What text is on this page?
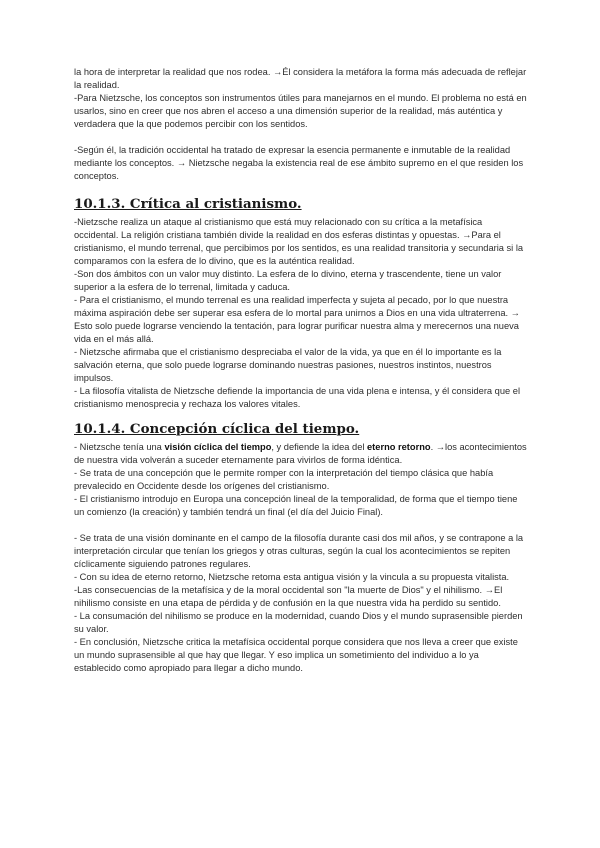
la hora de interpretar la realidad que nos rodea. →Él considera la metáfora la forma más adecuada de reflejar la realidad.

-Para Nietzsche, los conceptos son instrumentos útiles para manejarnos en el mundo. El problema no está en usarlos, sino en creer que nos abren el acceso a una dimensión superior de la realidad, más auténtica y verdadera que la que podemos percibir con los sentidos.

-Según él, la tradición occidental ha tratado de expresar la esencia permanente e inmutable de la realidad mediante los conceptos. → Nietzsche negaba la existencia real de ese ámbito supremo en el que residen los conceptos.

10.1.3. Crítica al cristianismo.

-Nietzsche realiza un ataque al cristianismo que está muy relacionado con su crítica a la metafísica occidental. La religión cristiana también divide la realidad en dos esferas distintas y opuestas. →Para el cristianismo, el mundo terrenal, que percibimos por los sentidos, es una realidad transitoria y secundaria si la comparamos con la esfera de lo divino, que es la auténtica realidad.

-Son dos ámbitos con un valor muy distinto. La esfera de lo divino, eterna y trascendente, tiene un valor superior a la esfera de lo terrenal, limitada y caduca.

- Para el cristianismo, el mundo terrenal es una realidad imperfecta y sujeta al pecado, por lo que nuestra máxima aspiración debe ser superar esa esfera de lo mortal para unirnos a Dios en una vida ultraterrena. →

Esto solo puede lograrse venciendo la tentación, para lograr purificar nuestra alma y merecernos una nueva vida en el más allá.

- Nietzsche afirmaba que el cristianismo despreciaba el valor de la vida, ya que en él lo importante es la salvación eterna, que solo puede lograrse dominando nuestras pasiones, nuestros instintos, nuestros impulsos.

- La filosofía vitalista de Nietzsche defiende la importancia de una vida plena e intensa, y él considera que el cristianismo menosprecia y rechaza los valores vitales.

10.1.4. Concepción cíclica del tiempo.

- Nietzsche tenía una visión cíclica del tiempo, y defiende la idea del eterno retorno. →los acontecimientos de nuestra vida volverán a suceder eternamente para vivirlos de forma idéntica.

- Se trata de una concepción que le permite romper con la interpretación del tiempo clásica que había prevalecido en Occidente desde los orígenes del cristianismo.

- El cristianismo introdujo en Europa una concepción lineal de la temporalidad, de forma que el tiempo tiene un comienzo (la creación) y también tendrá un final (el día del Juicio Final).

- Se trata de una visión dominante en el campo de la filosofía durante casi dos mil años, y se contrapone a la interpretación circular que tenían los griegos y otras culturas, según la cual los acontecimientos se repiten cíclicamente siguiendo patrones regulares.

- Con su idea de eterno retorno, Nietzsche retoma esta antigua visión y la vincula a su propuesta vitalista.

-Las consecuencias de la metafísica y de la moral occidental son "la muerte de Dios" y el nihilismo. →El nihilismo consiste en una etapa de pérdida y de confusión en la que nuestra vida ha perdido su sentido.

- La consumación del nihilismo se produce en la modernidad, cuando Dios y el mundo suprasensible pierden su valor.

- En conclusión, Nietzsche critica la metafísica occidental porque considera que nos lleva a creer que existe un mundo suprasensible al que hay que llegar. Y eso implica un sometimiento del individuo a lo ya establecido como apropiado para llegar a dicho mundo.
